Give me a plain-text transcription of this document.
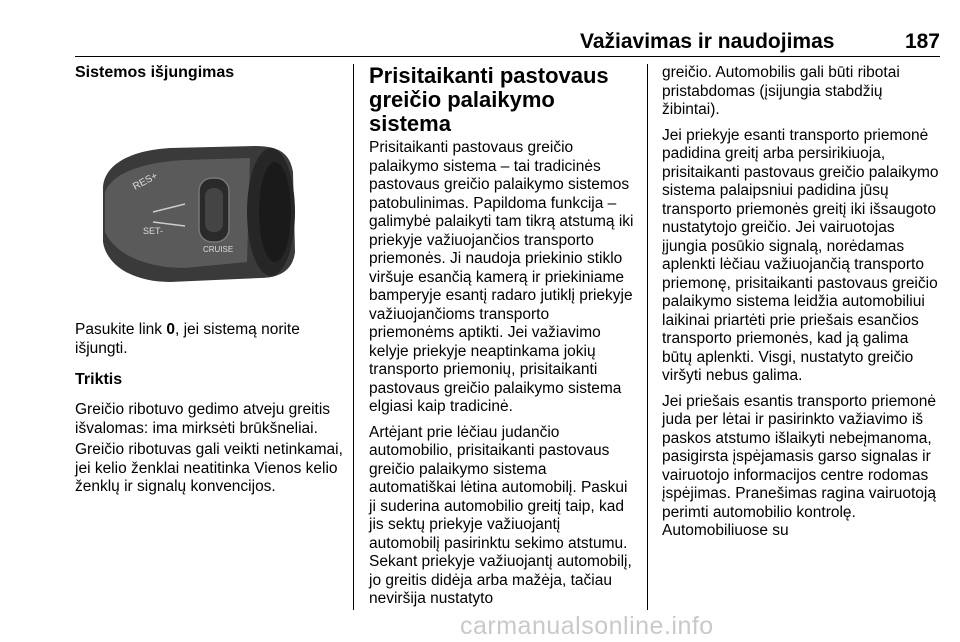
Važiavimas ir naudojimas	187

Sistemos išjungimas

RES+
SET-
CRUISE

Pasukite link 0, jei sistemą norite išjungti.

Triktis

Greičio ribotuvo gedimo atveju greitis išvalomas: ima mirksėti brūkšneliai.

Greičio ribotuvas gali veikti netinkamai, jei kelio ženklai neatitinka Vienos kelio ženklų ir signalų konvencijos.

Prisitaikanti pastovaus greičio palaikymo sistema

Prisitaikanti pastovaus greičio palaikymo sistema – tai tradicinės pastovaus greičio palaikymo sistemos patobulinimas. Papildoma funkcija – galimybė palaikyti tam tikrą atstumą iki priekyje važiuojančios transporto priemonės. Ji naudoja priekinio stiklo viršuje esančią kamerą ir priekiniame bamperyje esantį radaro jutiklį priekyje važiuojančioms transporto priemonėms aptikti. Jei važiavimo kelyje priekyje neaptinkama jokių transporto priemonių, prisitaikanti pastovaus greičio palaikymo sistema elgiasi kaip tradicinė.

Artėjant prie lėčiau judančio automobilio, prisitaikanti pastovaus greičio palaikymo sistema automatiškai lėtina automobilį. Paskui ji suderina automobilio greitį taip, kad jis sektų priekyje važiuojantį automobilį pasirinktu sekimo atstumu. Sekant priekyje važiuojantį automobilį, jo greitis didėja arba mažėja, tačiau neviršija nustatyto

greičio. Automobilis gali būti ribotai pristabdomas (įsijungia stabdžių žibintai).

Jei priekyje esanti transporto priemonė padidina greitį arba persirikiuoja, prisitaikanti pastovaus greičio palaikymo sistema palaipsniui padidina jūsų transporto priemonės greitį iki išsaugoto nustatytojo greičio. Jei vairuotojas įjungia posūkio signalą, norėdamas aplenkti lėčiau važiuojančią transporto priemonę, prisitaikanti pastovaus greičio palaikymo sistema leidžia automobiliui laikinai priartėti prie priešais esančios transporto priemonės, kad ją galima būtų aplenkti. Visgi, nustatyto greičio viršyti nebus galima.

Jei priešais esantis transporto priemonė juda per lėtai ir pasirinkto važiavimo iš paskos atstumo išlaikyti nebeįmanoma, pasigirsta įspėjamasis garso signalas ir vairuotojo informacijos centre rodomas įspėjimas. Pranešimas ragina vairuotoją perimti automobilio kontrolę. Automobiliuose su

carmanualsonline.info
